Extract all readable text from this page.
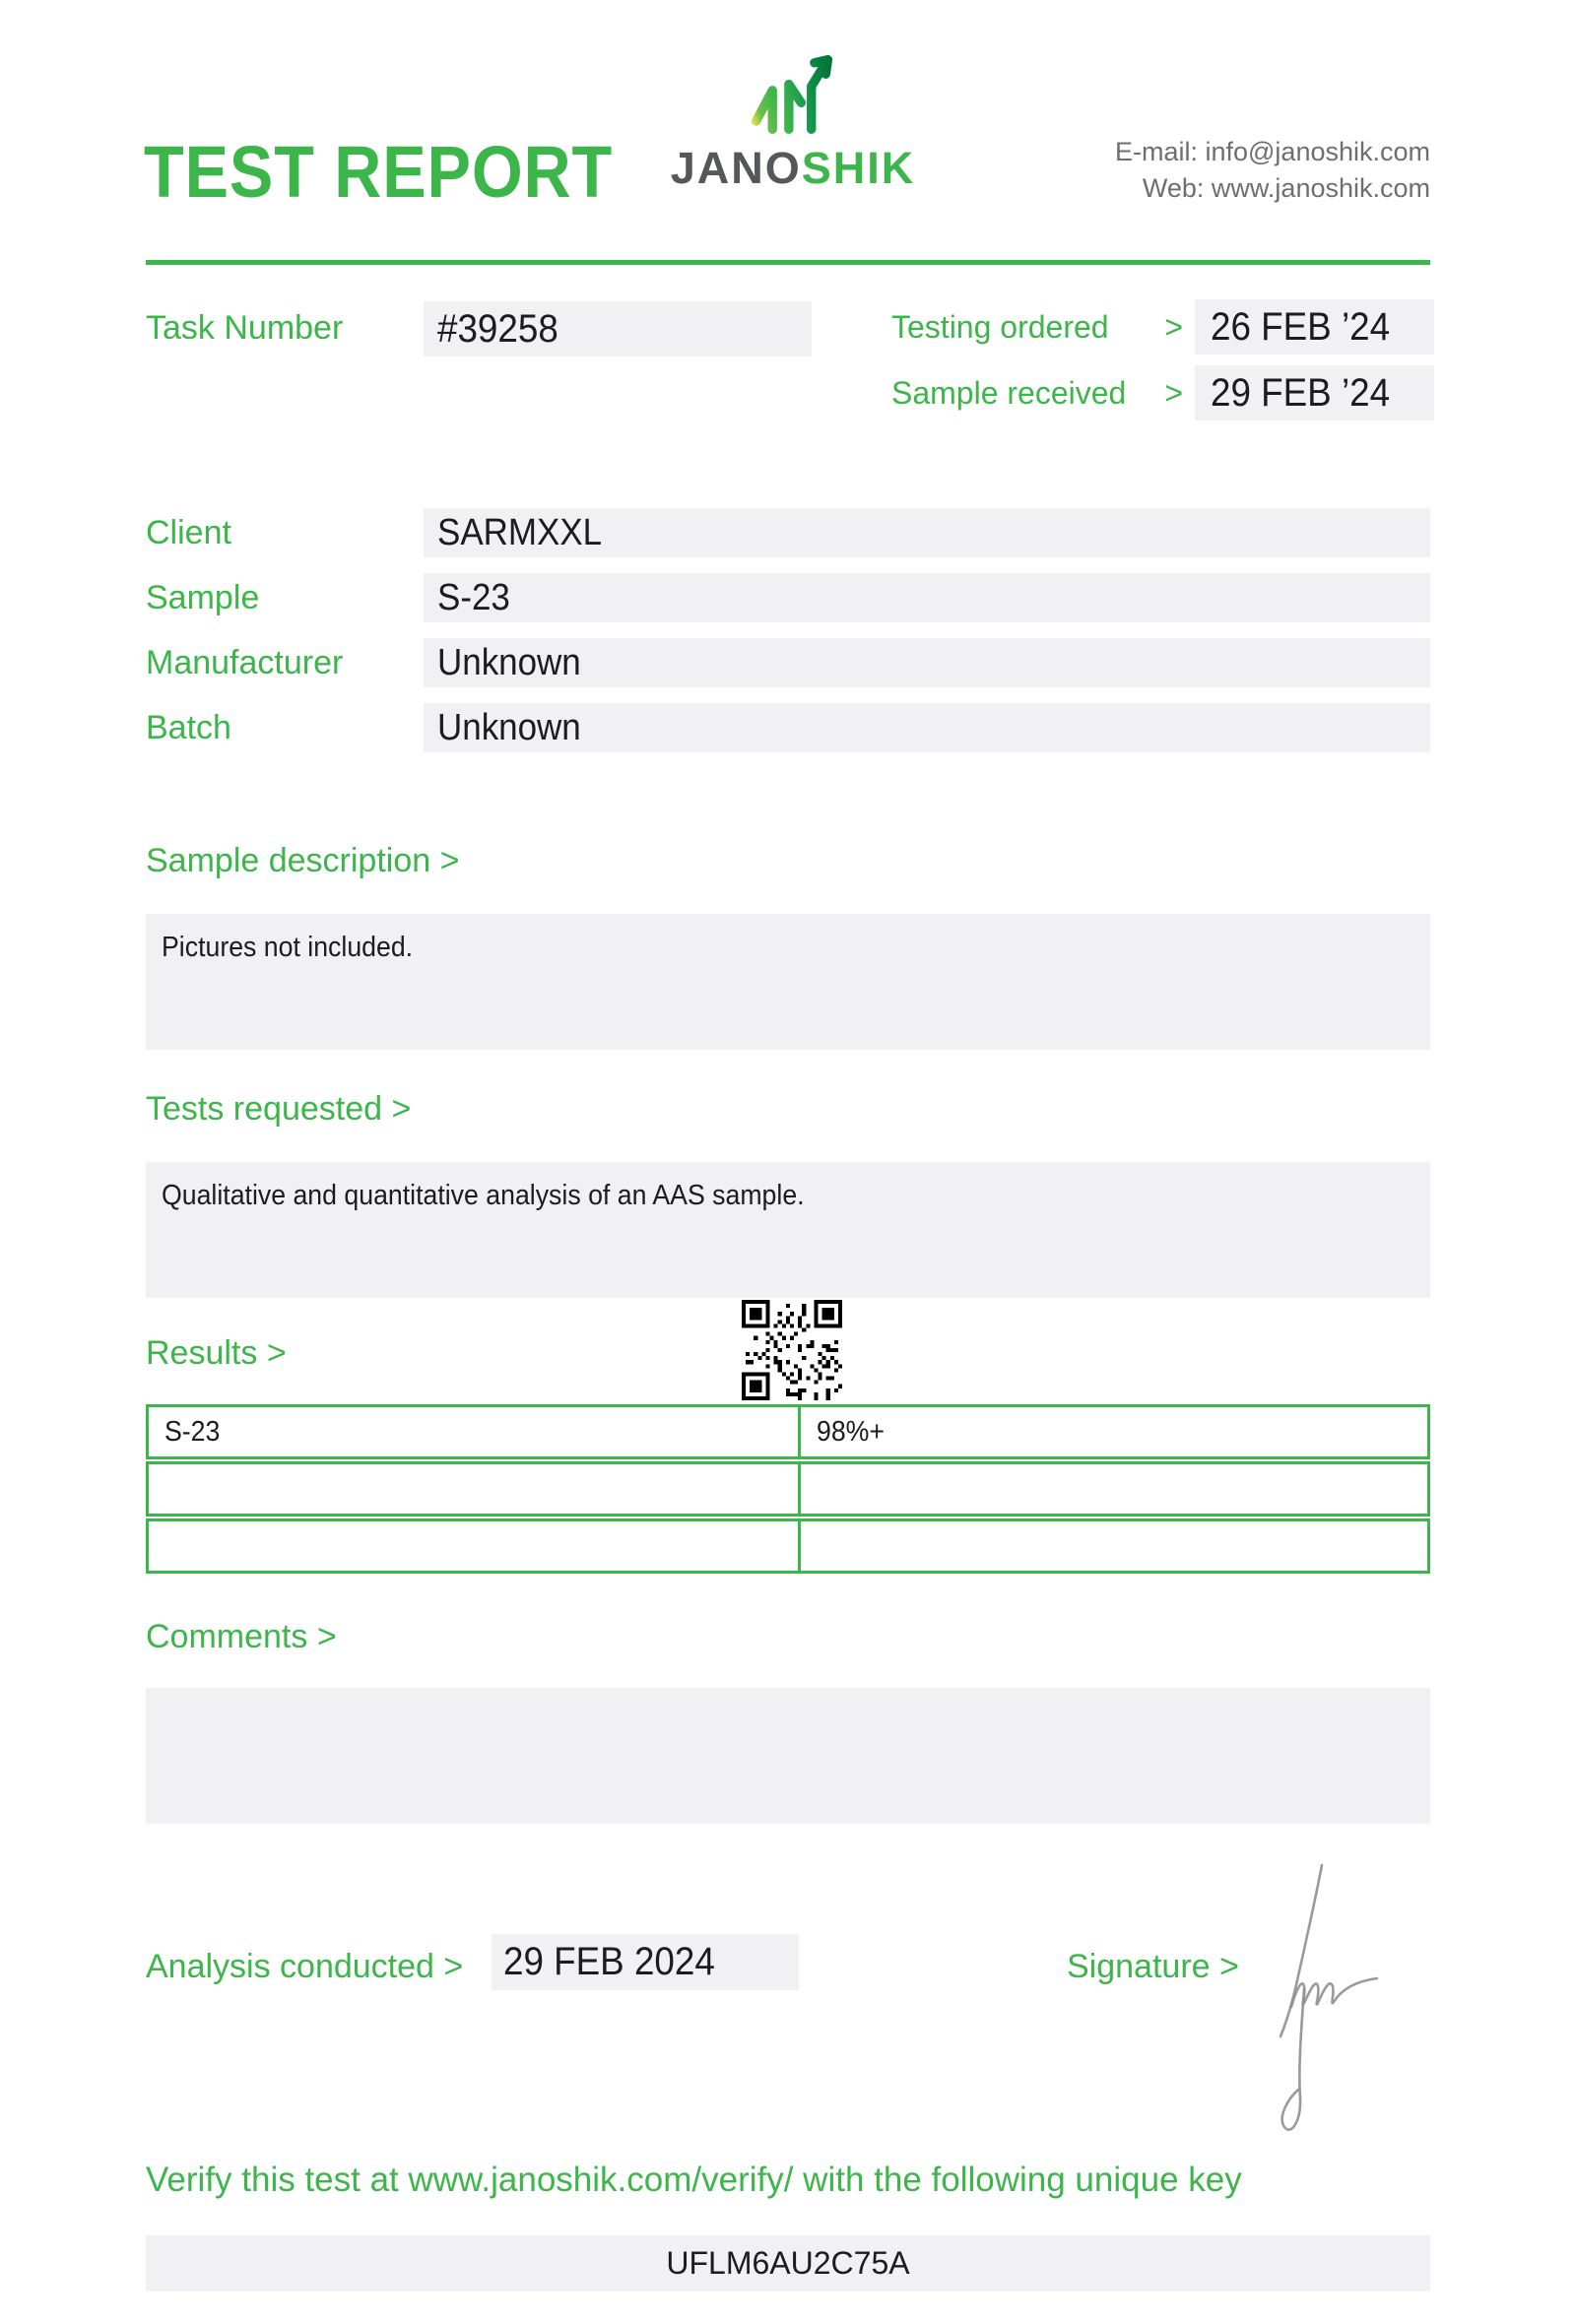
TEST REPORT	JANOSHIK	E-mail: info@janoshik.com
Web: www.janoshik.com
Task Number	#39258	Testing ordered > 26 FEB ’24
Sample received > 29 FEB ’24
Client	SARMXXL
Sample	S-23
Manufacturer	Unknown
Batch	Unknown
Sample description >
Pictures not included.
Tests requested >
Qualitative and quantitative analysis of an AAS sample.
Results >
S-23	98%+
Comments >
Analysis conducted >	29 FEB 2024	Signature >
Verify this test at www.janoshik.com/verify/ with the following unique key
UFLM6AU2C75A
